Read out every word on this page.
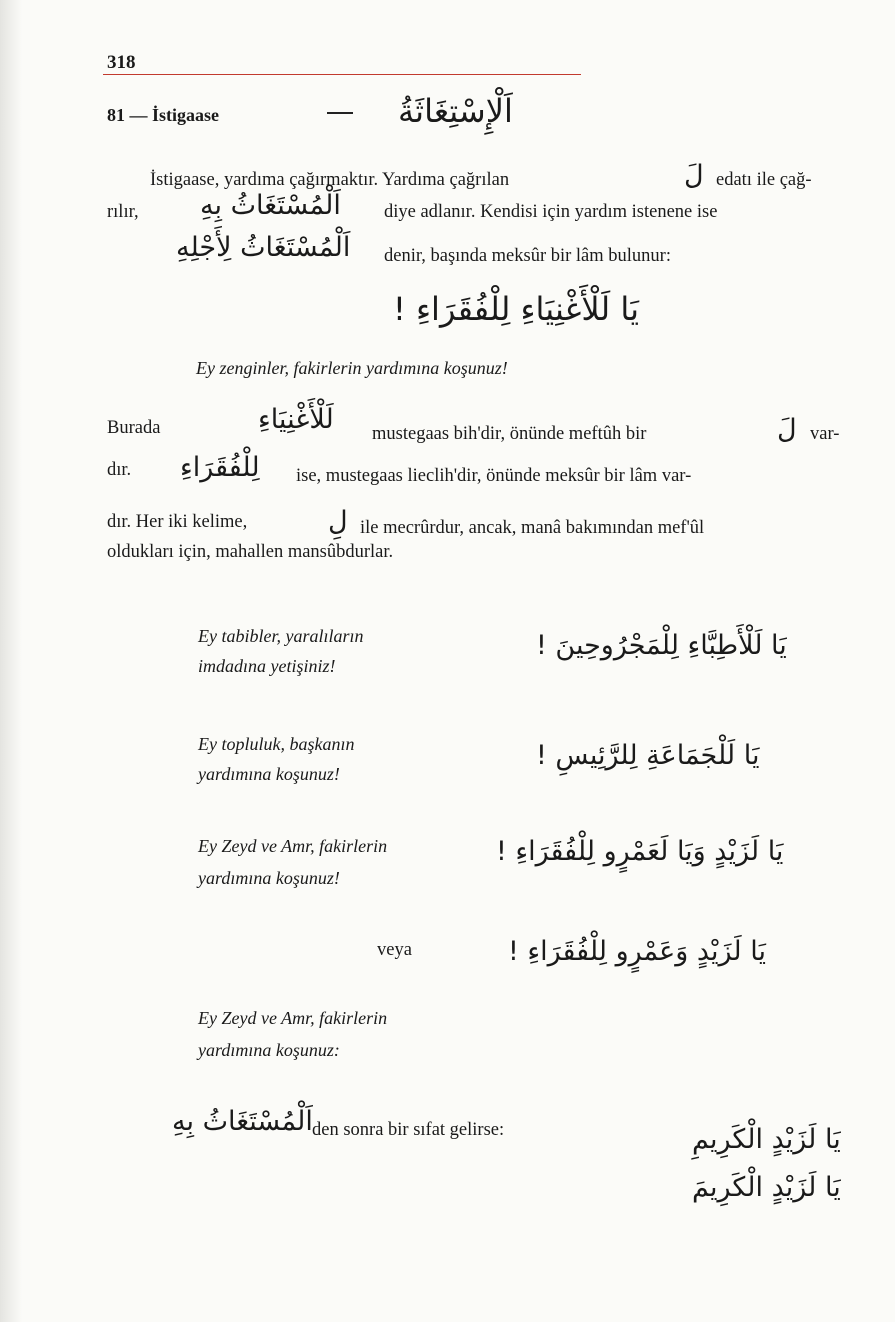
318
81 — İstigaase	اَلْإِسْتِغَاثَةُ
İstigaase, yardıma çağırmaktır. Yardıma çağrılan	لَ edatı ile çağ-
rılır, اَلْمُسْتَغَاثُ بِهِ diye adlanır. Kendisi için yardım istenene ise
اَلْمُسْتَغَاثُ لِأَجْلِهِ denir, başında meksûr bir lâm bulunur:
يَا لَلْأَغْنِيَاءِ لِلْفُقَرَاءِ !
Ey zenginler, fakirlerin yardımına koşunuz!
Burada	لَلْأَغْنِيَاءِ mustegaas bih'dir, önünde meftûh bir	لَ var-
dır. لِلْفُقَرَاءِ ise, mustegaas lieclih'dir, önünde meksûr bir lâm var-
dır. Her iki kelime,	لِ ile mecrûrdur, ancak, manâ bakımından mef'ûl
oldukları için, mahallen mansûbdurlar.
Ey tabibler, yaralıların
imdadına yetişiniz!
يَا لَلْأَطِبَّاءِ لِلْمَجْرُوحِينَ !
Ey topluluk, başkanın
yardımına koşunuz!
يَا لَلْجَمَاعَةِ لِلرَّئِيسِ !
Ey Zeyd ve Amr, fakirlerin
yardımına koşunuz!
يَا لَزَيْدٍ وَيَا لَعَمْرٍو لِلْفُقَرَاءِ !
veya	يَا لَزَيْدٍ وَعَمْرٍو لِلْفُقَرَاءِ !
Ey Zeyd ve Amr, fakirlerin
yardımına koşunuz:
اَلْمُسْتَغَاثُ بِهِ den sonra bir sıfat gelirse:	يَا لَزَيْدٍ الْكَرِيمِ
يَا لَزَيْدٍ الْكَرِيمَ
